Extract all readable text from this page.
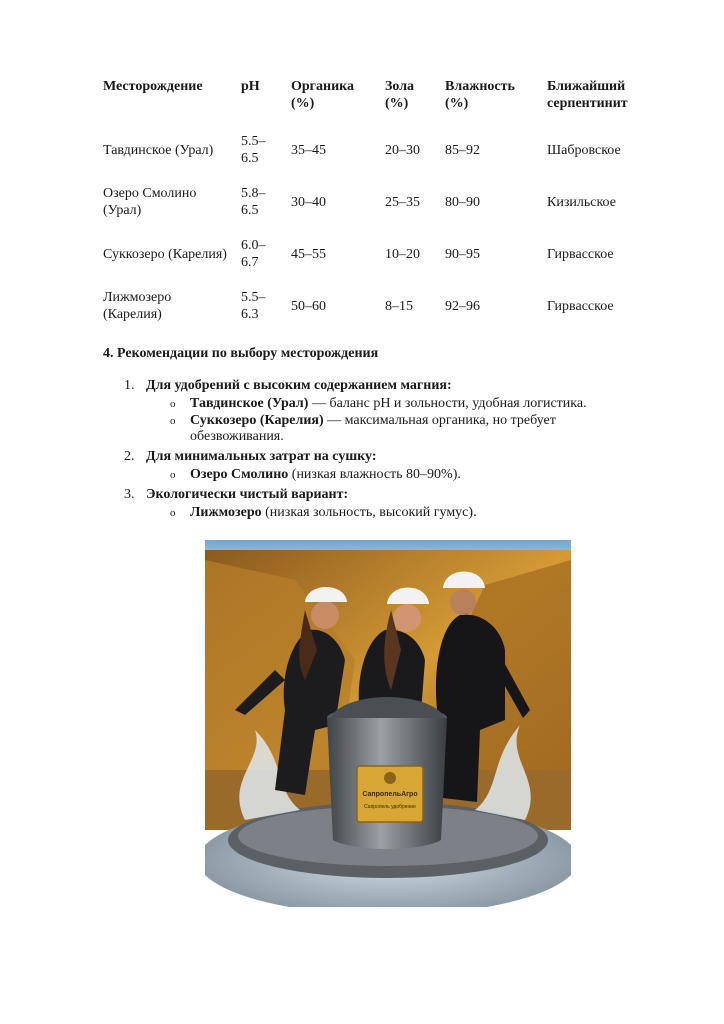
Месторождение	pH	Органика (%)	Зола (%)	Влажность (%)	Ближайший серпентинит
Тавдинское (Урал)	5.5–6.5	35–45	20–30	85–92	Шабровское
Озеро Смолино (Урал)	5.8–6.5	30–40	25–35	80–90	Кизильское
Суккозеро (Карелия)	6.0–6.7	45–55	10–20	90–95	Гирвасское
Лижмозеро (Карелия)	5.5–6.3	50–60	8–15	92–96	Гирвасское
4. Рекомендации по выбору месторождения
1. Для удобрений с высоким содержанием магния:
o Тавдинское (Урал) — баланс pH и зольности, удобная логистика.
o Суккозеро (Карелия) — максимальная органика, но требует обезвоживания.
2. Для минимальных затрат на сушку:
o Озеро Смолино (низкая влажность 80–90%).
3. Экологически чистый вариант:
o Лижмозеро (низкая зольность, высокий гумус).
СапропельАгро
Сапропель удобрение
